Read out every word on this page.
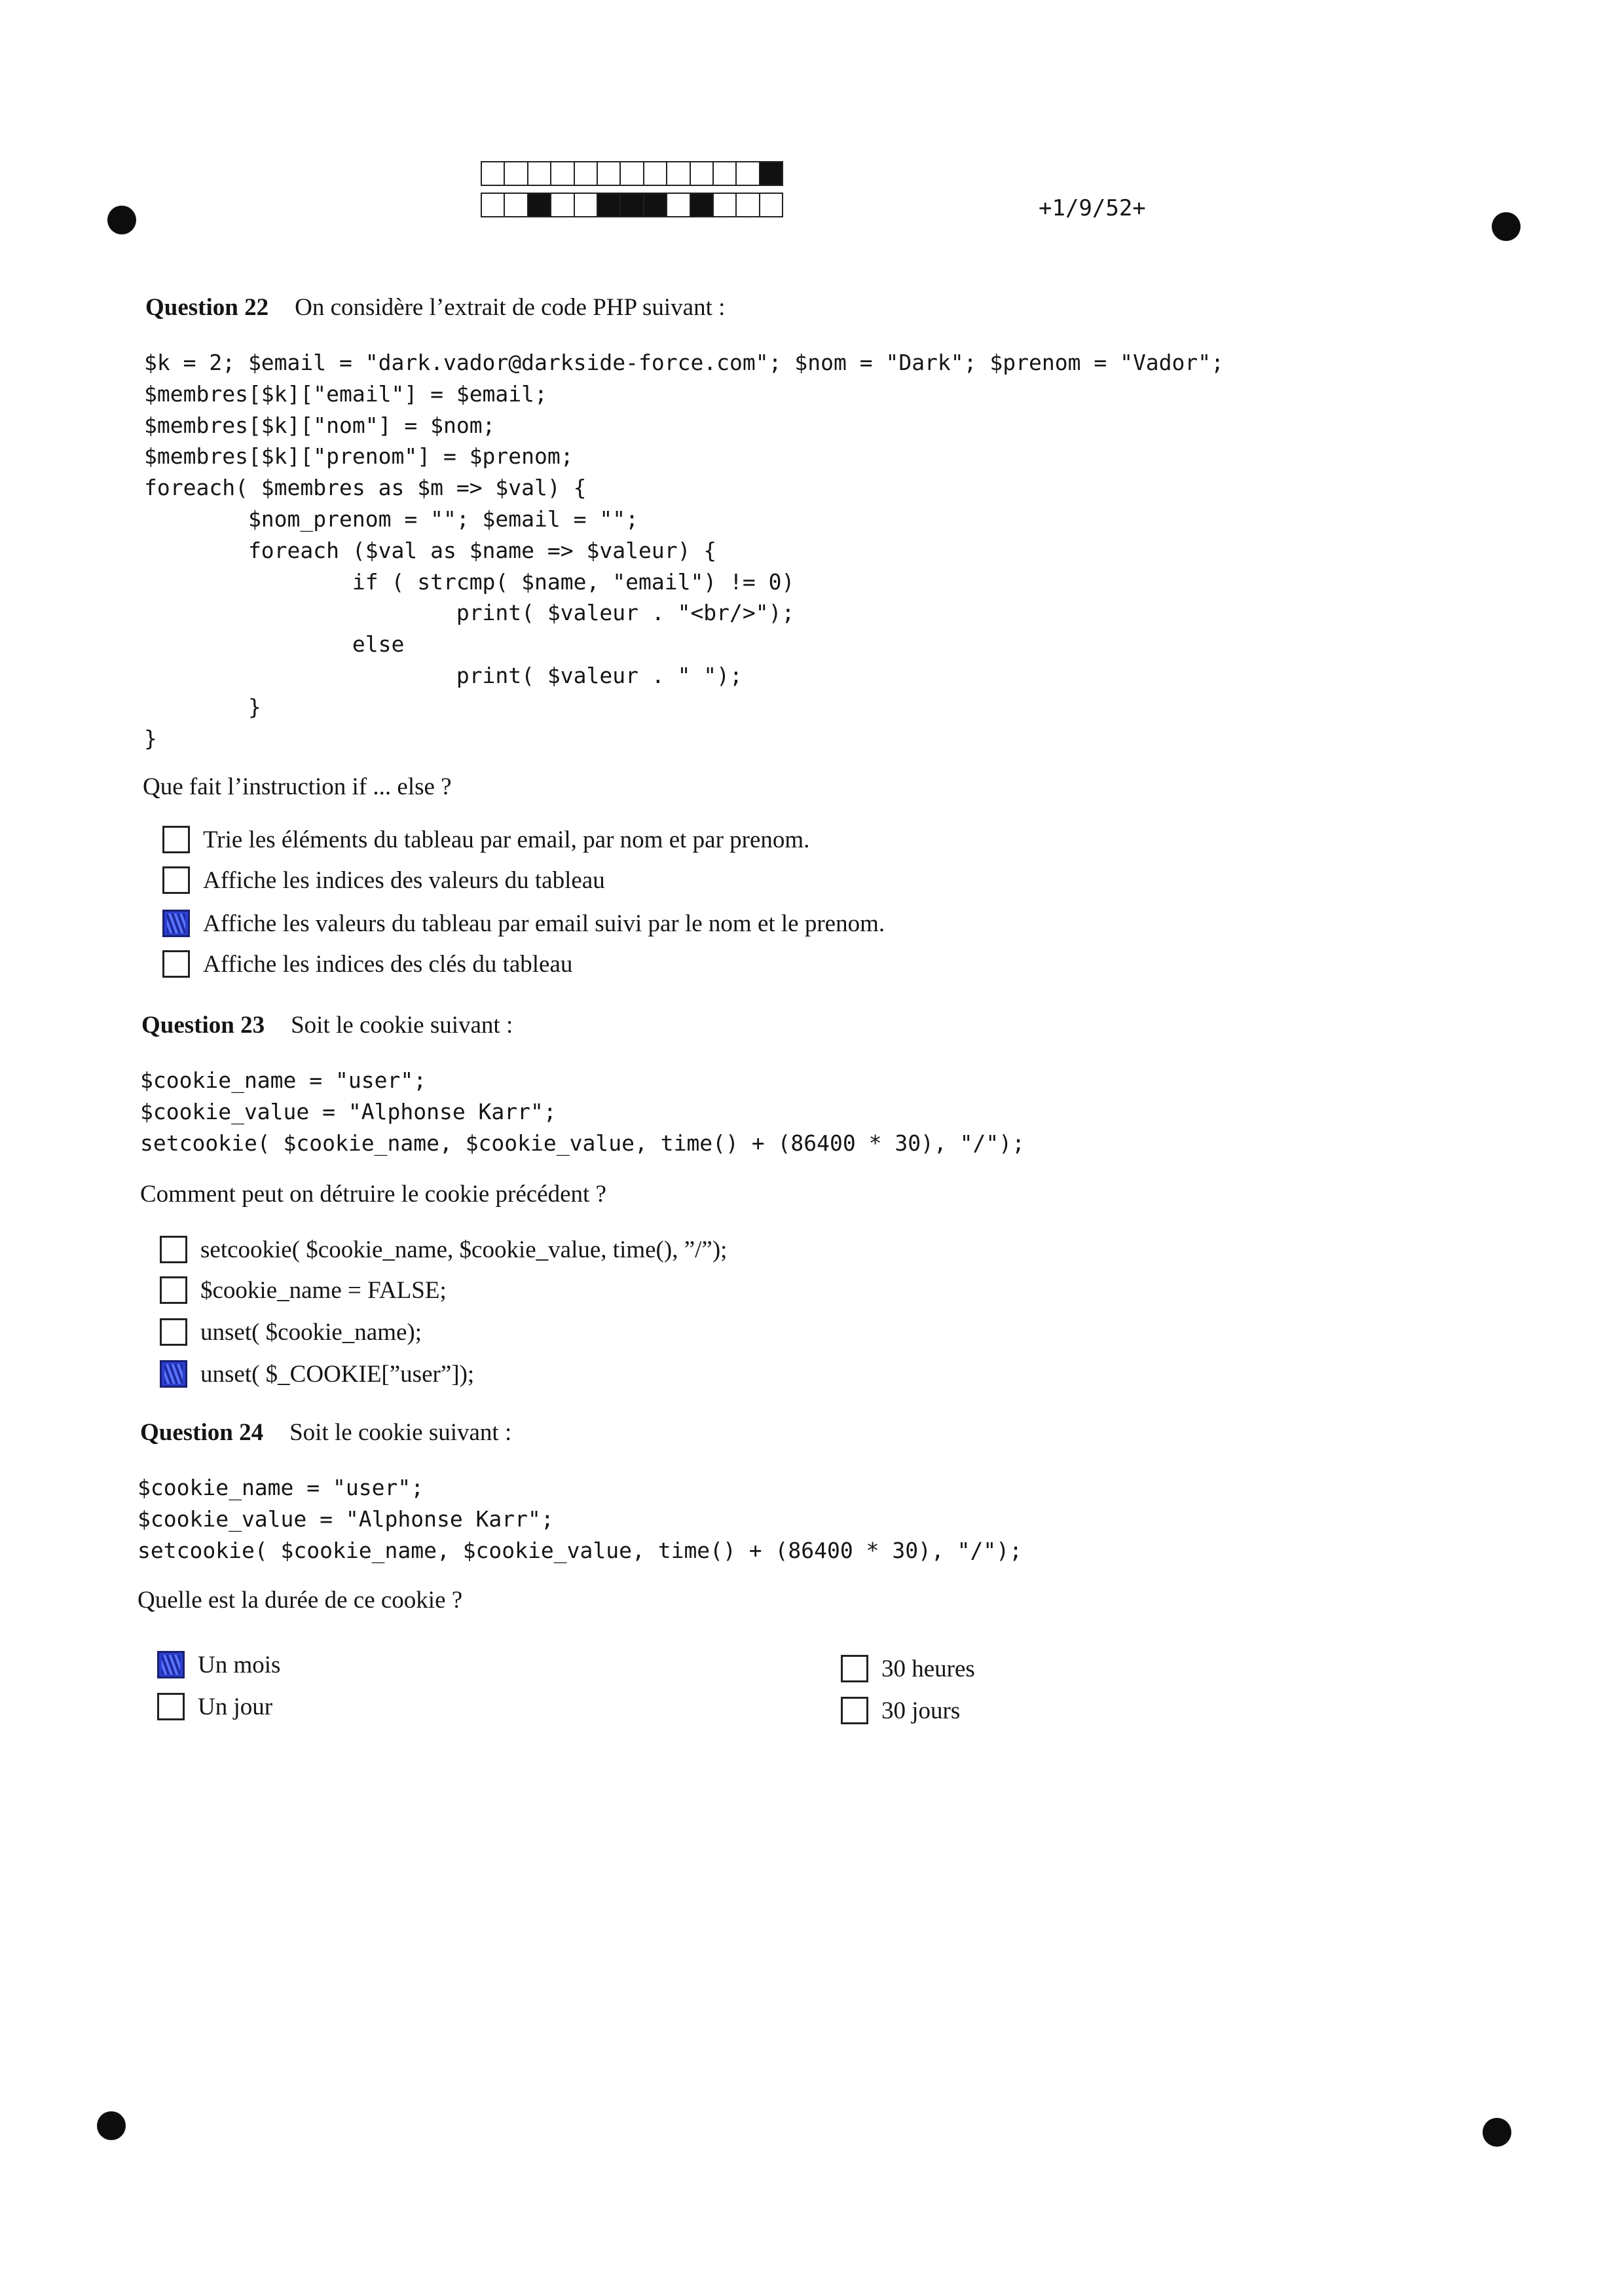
+1/9/52+
Question 22 On considère l’extrait de code PHP suivant :
$k = 2; $email = "dark.vador@darkside-force.com"; $nom = "Dark"; $prenom = "Vador";
$membres[$k]["email"] = $email;
$membres[$k]["nom"] = $nom;
$membres[$k]["prenom"] = $prenom;
foreach( $membres as $m => $val) {
$nom_prenom = ""; $email = "";
foreach ($val as $name => $valeur) {
if ( strcmp( $name, "email") != 0)
print( $valeur . "<br/>");
else
print( $valeur . " ");
}
}
Que fait l’instruction if ... else ?
Trie les éléments du tableau par email, par nom et par prenom.
Affiche les indices des valeurs du tableau
Affiche les valeurs du tableau par email suivi par le nom et le prenom.
Affiche les indices des clés du tableau
Question 23 Soit le cookie suivant :
$cookie_name = "user";
$cookie_value = "Alphonse Karr";
setcookie( $cookie_name, $cookie_value, time() + (86400 * 30), "/");
Comment peut on détruire le cookie précédent ?
setcookie( $cookie_name, $cookie_value, time(), ”/”);
$cookie_name = FALSE;
unset( $cookie_name);
unset( $_COOKIE[”user”]);
Question 24 Soit le cookie suivant :
$cookie_name = "user";
$cookie_value = "Alphonse Karr";
setcookie( $cookie_name, $cookie_value, time() + (86400 * 30), "/");
Quelle est la durée de ce cookie ?
Un mois
Un jour
30 heures
30 jours
